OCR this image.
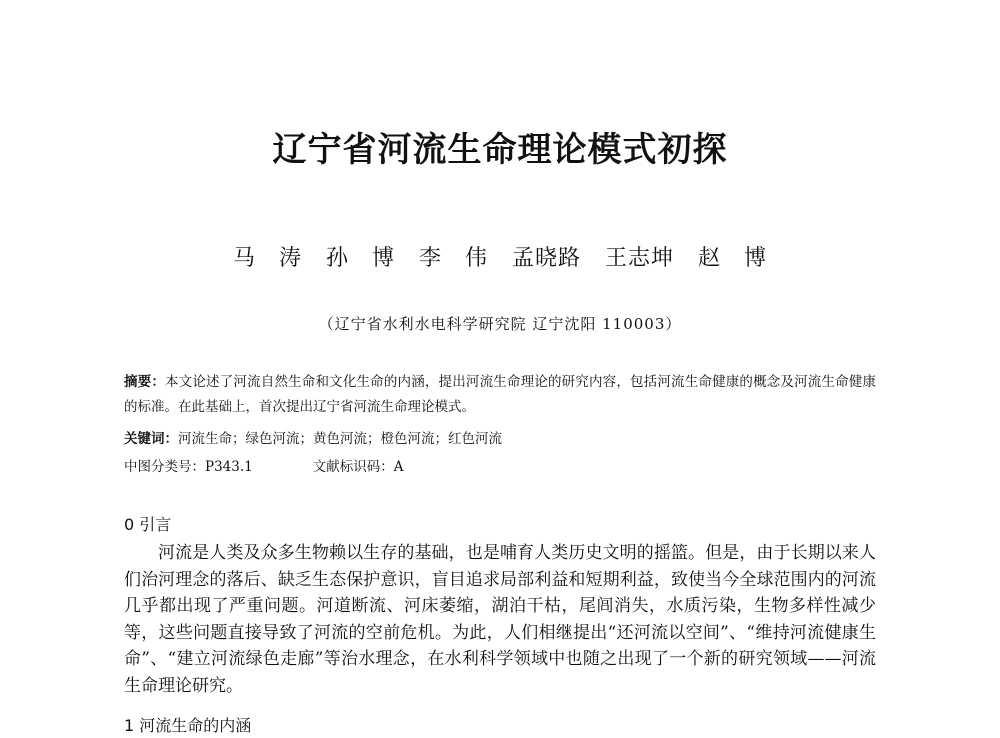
辽宁省河流生命理论模式初探
马　涛 孙　博 李　伟 孟晓路 王志坤 赵　博
（辽宁省水利水电科学研究院 辽宁沈阳 110003）
摘要：本文论述了河流自然生命和文化生命的内涵，提出河流生命理论的研究内容，包括河流生命健康的概念及河流生命健康的标准。在此基础上，首次提出辽宁省河流生命理论模式。
关键词：河流生命；绿色河流；黄色河流；橙色河流；红色河流
中图分类号：P343.1	文献标识码：A
0 引言

河流是人类及众多生物赖以生存的基础，也是哺育人类历史文明的摇篮。但是，由于长期以来人们治河理念的落后、缺乏生态保护意识，盲目追求局部利益和短期利益，致使当今全球范围内的河流几乎都出现了严重问题。河道断流、河床萎缩，湖泊干枯，尾闾消失，水质污染，生物多样性减少等，这些问题直接导致了河流的空前危机。为此，人们相继提出“还河流以空间”、“维持河流健康生命”、“建立河流绿色走廊”等治水理念，在水利科学领域中也随之出现了一个新的研究领域——河流生命理论研究。

1 河流生命的内涵
